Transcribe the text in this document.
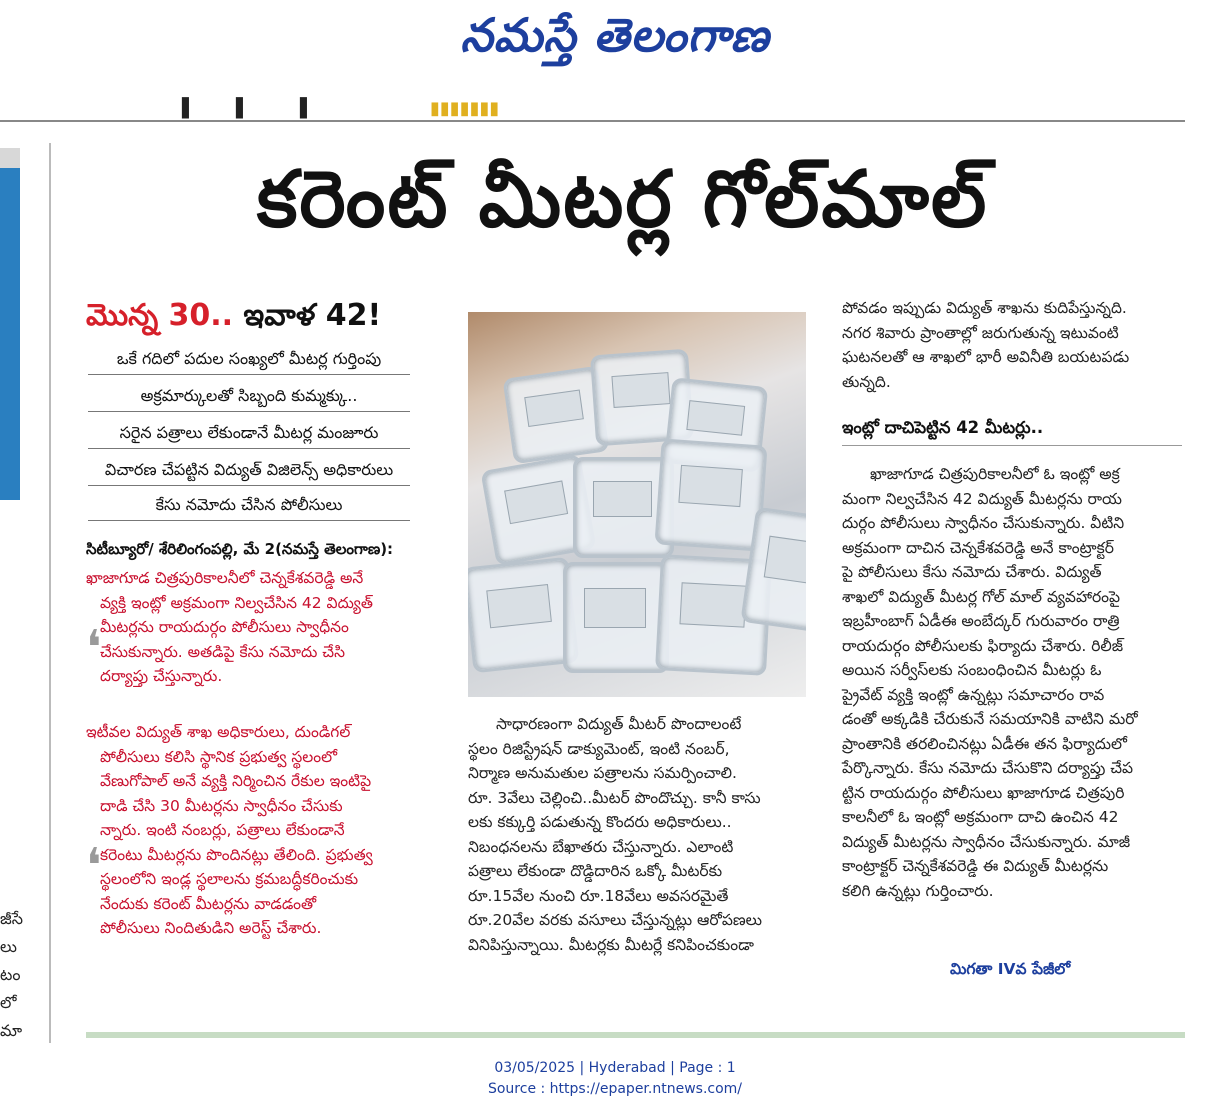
నమస్తే తెలంగాణ
▌ ▌	▌	▮▮▮▮▮▮▮
జీసే
లు
టం
లో
మా
కరెంట్ మీటర్ల గోల్‌మాల్
మొన్న 30.. ఇవాళ 42!
ఒకే గదిలో పదుల సంఖ్యలో మీటర్ల గుర్తింపు
అక్రమార్కులతో సిబ్బంది కుమ్మక్కు..
సరైన పత్రాలు లేకుండానే మీటర్ల మంజూరు
విచారణ చేపట్టిన విద్యుత్ విజిలెన్స్ అధికారులు
కేసు నమోదు చేసిన పోలీసులు
సిటీబ్యూరో/ శేరిలింగంపల్లి, మే 2(నమస్తే తెలంగాణ):
ఖాజాగూడ చిత్రపురికాలనీలో చెన్నకేశవరెడ్డి అనే
వ్యక్తి ఇంట్లో అక్రమంగా నిల్వచేసిన 42 విద్యుత్
మీటర్లను రాయదుర్గం పోలీసులు స్వాధీనం
చేసుకున్నారు. అతడిపై కేసు నమోదు చేసి
దర్యాప్తు చేస్తున్నారు.
❛
ఇటీవల విద్యుత్ శాఖ అధికారులు, దుండిగల్
పోలీసులు కలిసి స్థానిక ప్రభుత్వ స్థలంలో
వేణుగోపాల్ అనే వ్యక్తి నిర్మించిన రేకుల ఇంటిపై
దాడి చేసి 30 మీటర్లను స్వాధీనం చేసుకు
న్నారు. ఇంటి నంబర్లు, పత్రాలు లేకుండానే
కరెంటు మీటర్లను పొందినట్లు తేలింది. ప్రభుత్వ
స్థలంలోని ఇండ్ల స్థలాలను క్రమబద్ధీకరించుకు
నేందుకు కరెంట్ మీటర్లను వాడడంతో
పోలీసులు నిందితుడిని అరెస్ట్ చేశారు.
❛
సాధారణంగా విద్యుత్ మీటర్ పొందాలంటే
స్థలం రిజిస్ట్రేషన్ డాక్యుమెంట్, ఇంటి నంబర్,
నిర్మాణ అనుమతుల పత్రాలను సమర్పించాలి.
రూ. 3వేలు చెల్లించి..మీటర్ పొందొచ్చు. కానీ కాసు
లకు కక్కుర్తి పడుతున్న కొందరు అధికారులు..
నిబంధనలను బేఖాతరు చేస్తున్నారు. ఎలాంటి
పత్రాలు లేకుండా దొడ్డిదారిన ఒక్కో మీటర్‌కు
రూ.15వేల నుంచి రూ.18వేలు అవసరమైతే
రూ.20వేల వరకు వసూలు చేస్తున్నట్లు ఆరోపణలు
వినిపిస్తున్నాయి. మీటర్లకు మీటర్లే కనిపించకుండా
పోవడం ఇప్పుడు విద్యుత్ శాఖను కుదిపేస్తున్నది.
నగర శివారు ప్రాంతాల్లో జరుగుతున్న ఇటువంటి
ఘటనలతో ఆ శాఖలో భారీ అవినీతి బయటపడు
తున్నది.
ఇంట్లో దాచిపెట్టిన 42 మీటర్లు..
ఖాజాగూడ చిత్రపురికాలనీలో ఓ ఇంట్లో అక్ర
మంగా నిల్వచేసిన 42 విద్యుత్ మీటర్లను రాయ
దుర్గం పోలీసులు స్వాధీనం చేసుకున్నారు. వీటిని
అక్రమంగా దాచిన చెన్నకేశవరెడ్డి అనే కాంట్రాక్టర్
పై పోలీసులు కేసు నమోదు చేశారు. విద్యుత్
శాఖలో విద్యుత్ మీటర్ల గోల్ మాల్ వ్యవహారంపై
ఇబ్రహీంబాగ్ ఏడీఈ అంబేద్కర్ గురువారం రాత్రి
రాయదుర్గం పోలీసులకు ఫిర్యాదు చేశారు. రిలీజ్
అయిన సర్వీస్‌లకు సంబంధించిన మీటర్లు ఓ
ప్రైవేట్ వ్యక్తి ఇంట్లో ఉన్నట్లు సమాచారం రావ
డంతో అక్కడికి చేరుకునే సమయానికి వాటిని మరో
ప్రాంతానికి తరలించినట్లు ఏడీఈ తన ఫిర్యాదులో
పేర్కొన్నారు. కేసు నమోదు చేసుకొని దర్యాప్తు చేప
ట్టిన రాయదుర్గం పోలీసులు ఖాజాగూడ చిత్రపురి
కాలనీలో ఓ ఇంట్లో అక్రమంగా దాచి ఉంచిన 42
విద్యుత్ మీటర్లను స్వాధీనం చేసుకున్నారు. మాజీ
కాంట్రాక్టర్ చెన్నకేశవరెడ్డి ఈ విద్యుత్ మీటర్లను
కలిగి ఉన్నట్లు గుర్తించారు.
మిగతా IVవ పేజీలో
03/05/2025 | Hyderabad | Page : 1
Source : https://epaper.ntnews.com/
